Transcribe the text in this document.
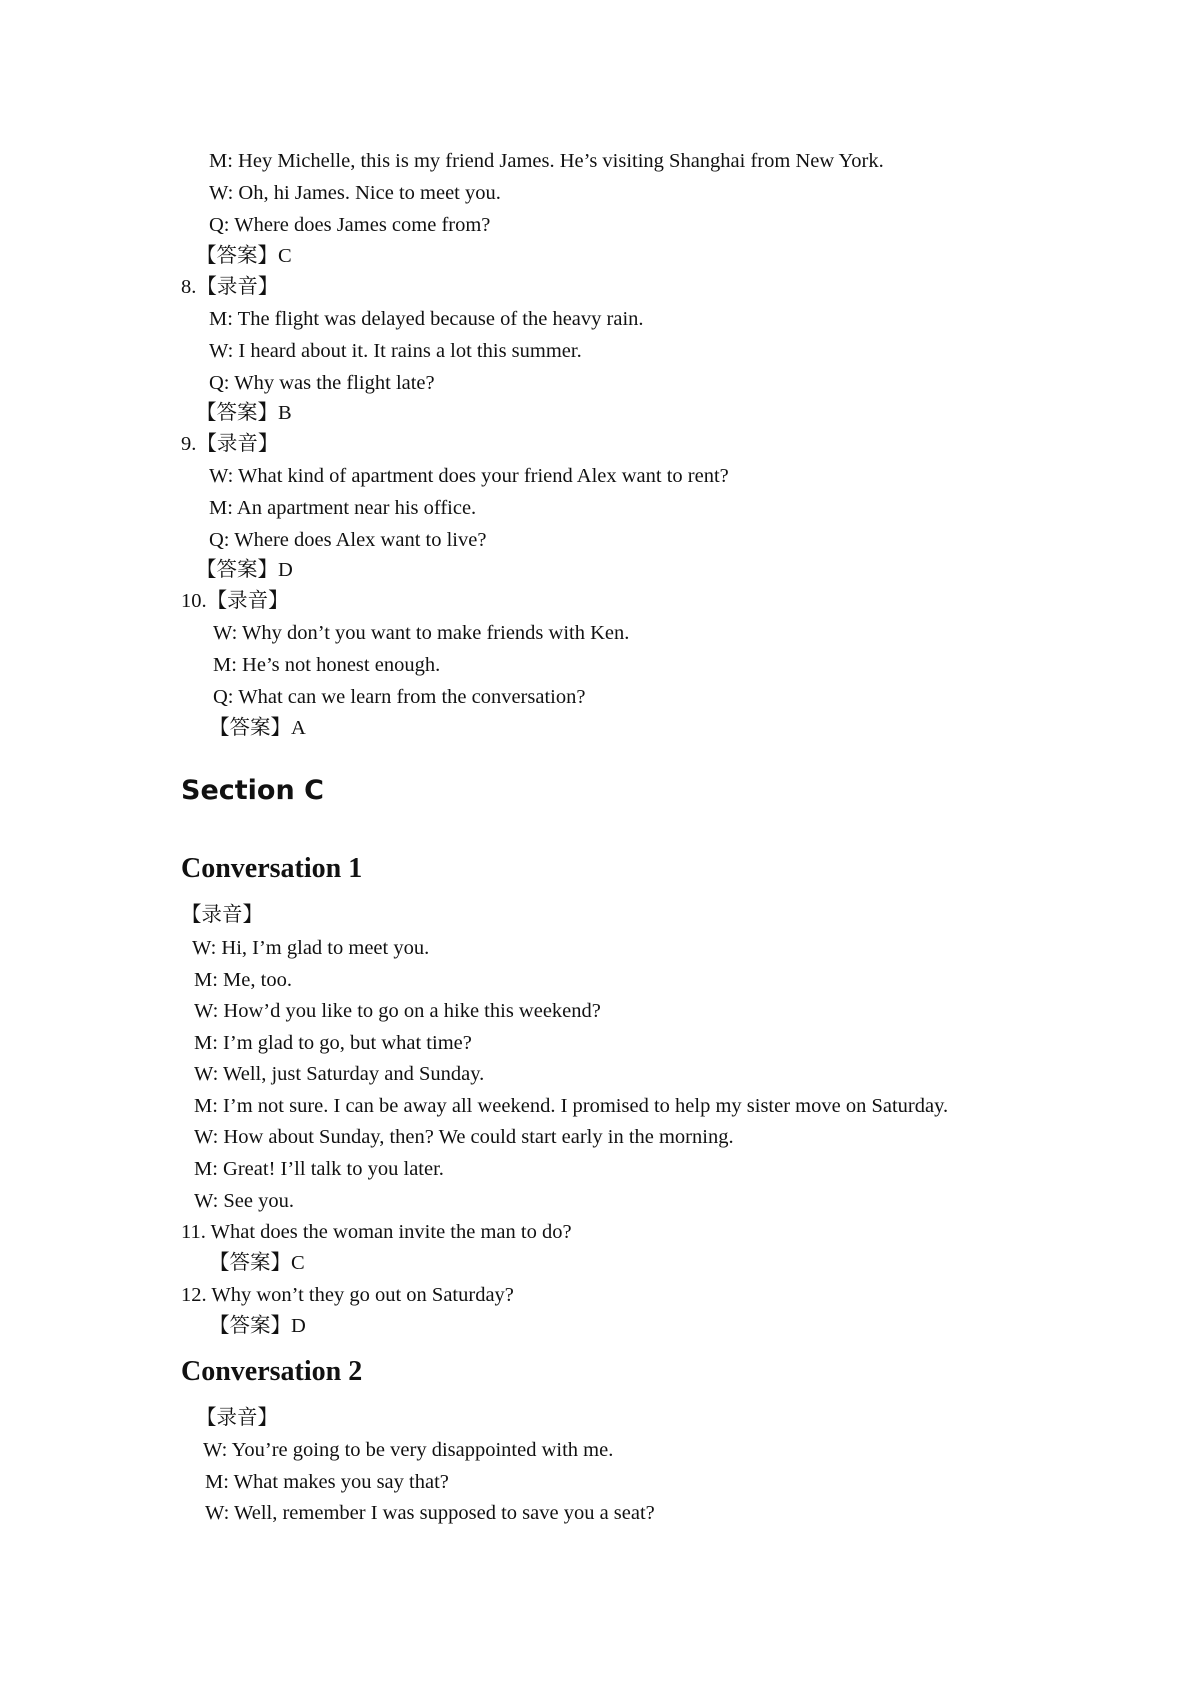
M: Hey Michelle, this is my friend James. He’s visiting Shanghai from New York.
W: Oh, hi James. Nice to meet you.
Q: Where does James come from?
【答案】C
8.【录音】
M: The flight was delayed because of the heavy rain.
W: I heard about it. It rains a lot this summer.
Q: Why was the flight late?
【答案】B
9.【录音】
W: What kind of apartment does your friend Alex want to rent?
M: An apartment near his office.
Q: Where does Alex want to live?
【答案】D
10.【录音】
W: Why don’t you want to make friends with Ken.
M: He’s not honest enough.
Q: What can we learn from the conversation?
【答案】A
Section C
Conversation 1
【录音】
W: Hi, I’m glad to meet you.
M: Me, too.
W: How’d you like to go on a hike this weekend?
M: I’m glad to go, but what time?
W: Well, just Saturday and Sunday.
M: I’m not sure. I can be away all weekend. I promised to help my sister move on Saturday.
W: How about Sunday, then? We could start early in the morning.
M: Great! I’ll talk to you later.
W: See you.
11. What does the woman invite the man to do?
【答案】C
12. Why won’t they go out on Saturday?
【答案】D
Conversation 2
【录音】
W: You’re going to be very disappointed with me.
M: What makes you say that?
W: Well, remember I was supposed to save you a seat?
